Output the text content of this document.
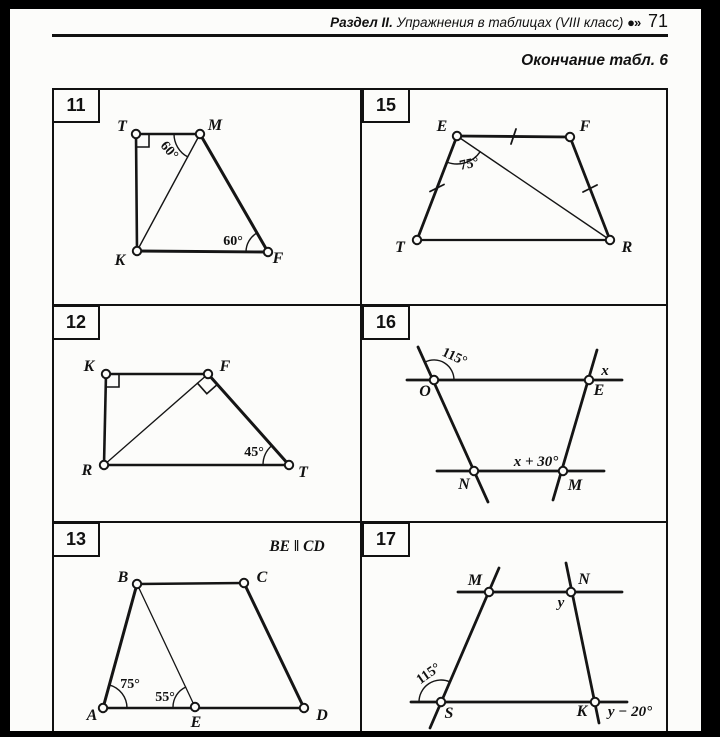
Раздел II. Упражнения в таблицах (VIII класс) ●» 71
Окончание табл. 6
11	15
12	16
13	17
T	M
K	F
60°
60°
E	F
T	R
75°
K	F
R	T
45°
115°
x
O	E
x + 30°
N	M
BE ‖ CD
B	C
A	E	D
75°
55°
M	N
y
S	K y − 20°
115°
